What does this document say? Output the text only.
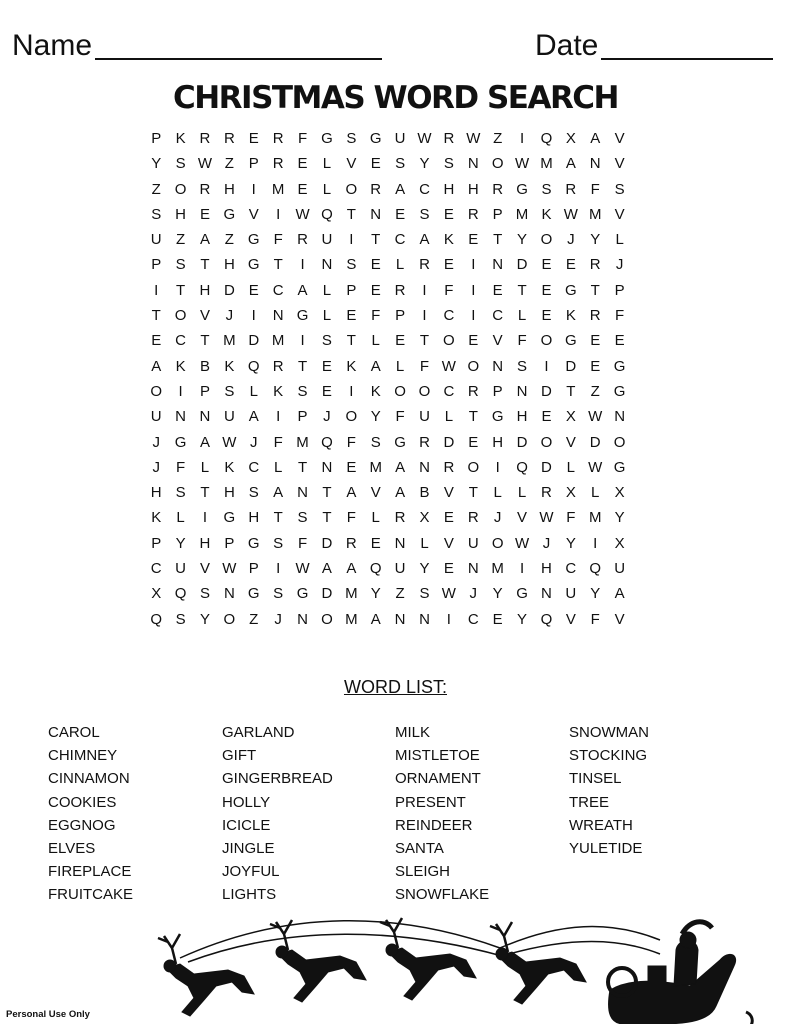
Name	Date
CHRISTMAS WORD SEARCH
P K R R E R F G S G U W R W Z	I	Q X A V
Y S W Z P R E	L	V E S Y S N O W M A N V
Z O R H	I	M E	L O R A C H H R G S R F S
S H E G V	I	W Q T N E S E R P M K W M V
U Z A Z G F R U	I	T C A K E T Y O J	Y	L
P S T H G T	I	N S E	L R E	I	N D E E R	J
I	T H D E C A	L	P E R	I	F	I	E T E G T P
T O V	J	I	N G L	E F P	I	C	I	C L	E K R F
E C T M D M	I	S T	L	E T O E V F O G E E
A K B K Q R T E K A	L	F W O N S	I	D E G
O	I	P S	L	K S E	I	K O O C R P N D T	Z G
U N N U A	I	P	J O Y F U L	T G H E X W N
J G A W J	F M Q F S G R D E H D O V D O
J	F	L	K C L	T N E M A N R O	I	Q D L W G
H S T H S A N T A V A B V T	L	L R X	L	X
K	L	I	G H T S T	F	L R X E R	J	V W F M Y
P Y H P G S F D R E N L	V U O W J	Y	I	X
C U V W P	I	W A A Q U Y E N M	I	H C Q U
X Q S N G S G D M Y Z S W J	Y G N U Y A
Q S Y O Z	J	N O M A N N	I	C E Y Q V F V
WORD LIST:
CAROL
CHIMNEY
CINNAMON
COOKIES
EGGNOG
ELVES
FIREPLACE
FRUITCAKE
GARLAND
GIFT
GINGERBREAD
HOLLY
ICICLE
JINGLE
JOYFUL
LIGHTS
MILK
MISTLETOE
ORNAMENT
PRESENT
REINDEER
SANTA
SLEIGH
SNOWFLAKE
SNOWMAN
STOCKING
TINSEL
TREE
WREATH
YULETIDE
Personal Use Only
